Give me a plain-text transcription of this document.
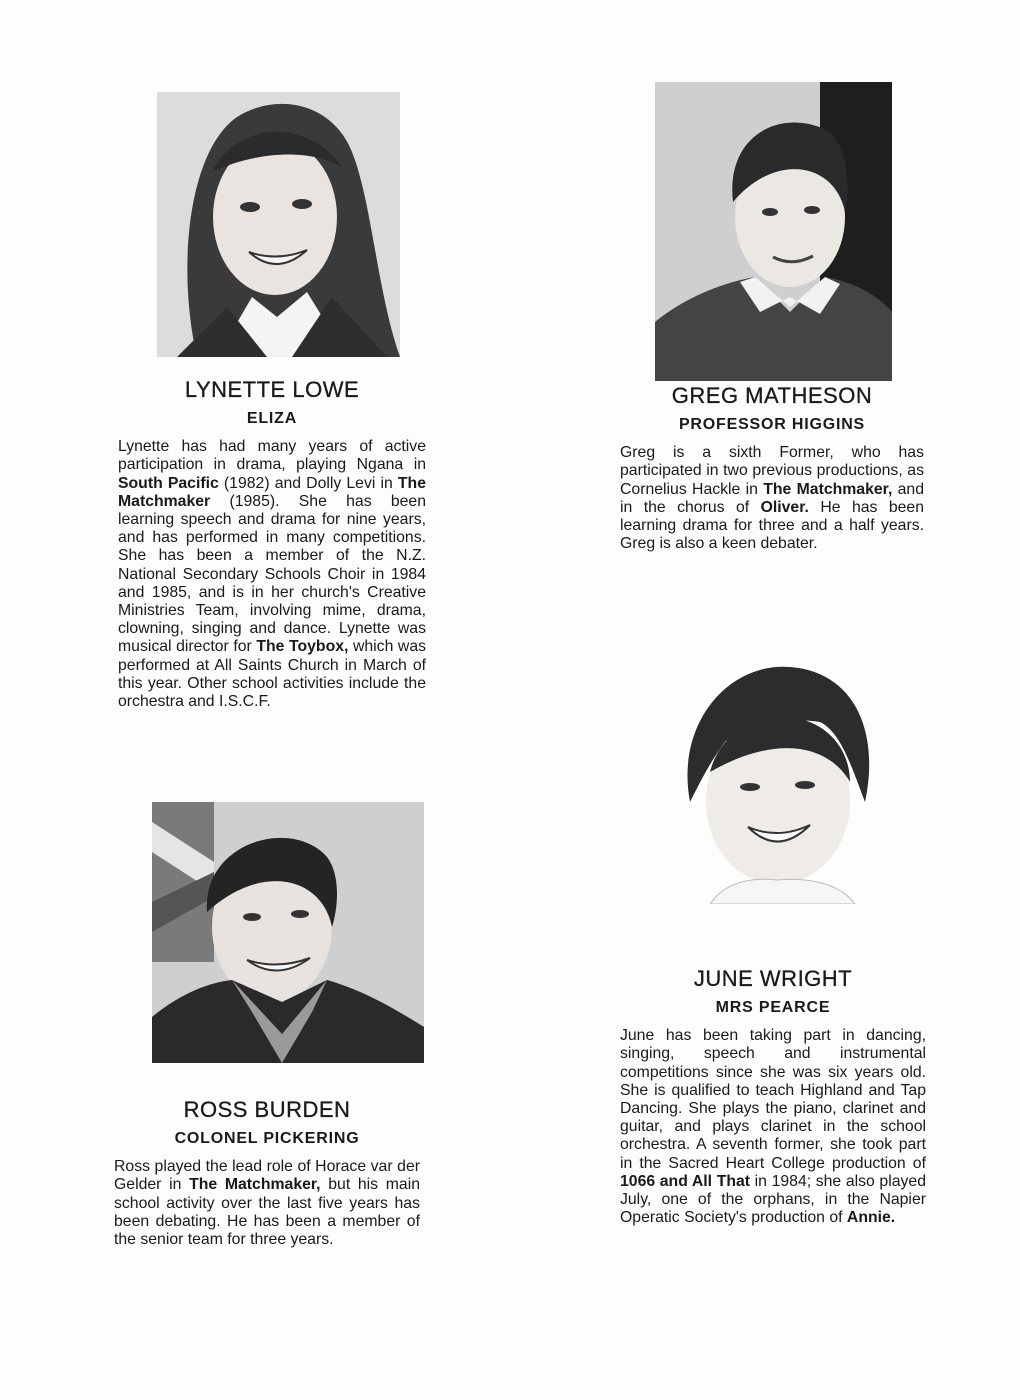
LYNETTE LOWE
ELIZA

Lynette has had many years of active participation in drama, playing Ngana in South Pacific (1982) and Dolly Levi in The Matchmaker (1985). She has been learning speech and drama for nine years, and has performed in many competitions. She has been a member of the N.Z. National Secondary Schools Choir in 1984 and 1985, and is in her church's Creative Ministries Team, involving mime, drama, clowning, singing and dance. Lynette was musical director for The Toybox, which was performed at All Saints Church in March of this year. Other school activities include the orchestra and I.S.C.F.

GREG MATHESON
PROFESSOR HIGGINS

Greg is a sixth Former, who has participated in two previous productions, as Cornelius Hackle in The Matchmaker, and in the chorus of Oliver. He has been learning drama for three and a half years. Greg is also a keen debater.

ROSS BURDEN
COLONEL PICKERING

Ross played the lead role of Horace var der Gelder in The Matchmaker, but his main school activity over the last five years has been debating. He has been a member of the senior team for three years.

JUNE WRIGHT
MRS PEARCE

June has been taking part in dancing, singing, speech and instrumental competitions since she was six years old. She is qualified to teach Highland and Tap Dancing. She plays the piano, clarinet and guitar, and plays clarinet in the school orchestra. A seventh former, she took part in the Sacred Heart College production of 1066 and All That in 1984; she also played July, one of the orphans, in the Napier Operatic Society's production of Annie.
